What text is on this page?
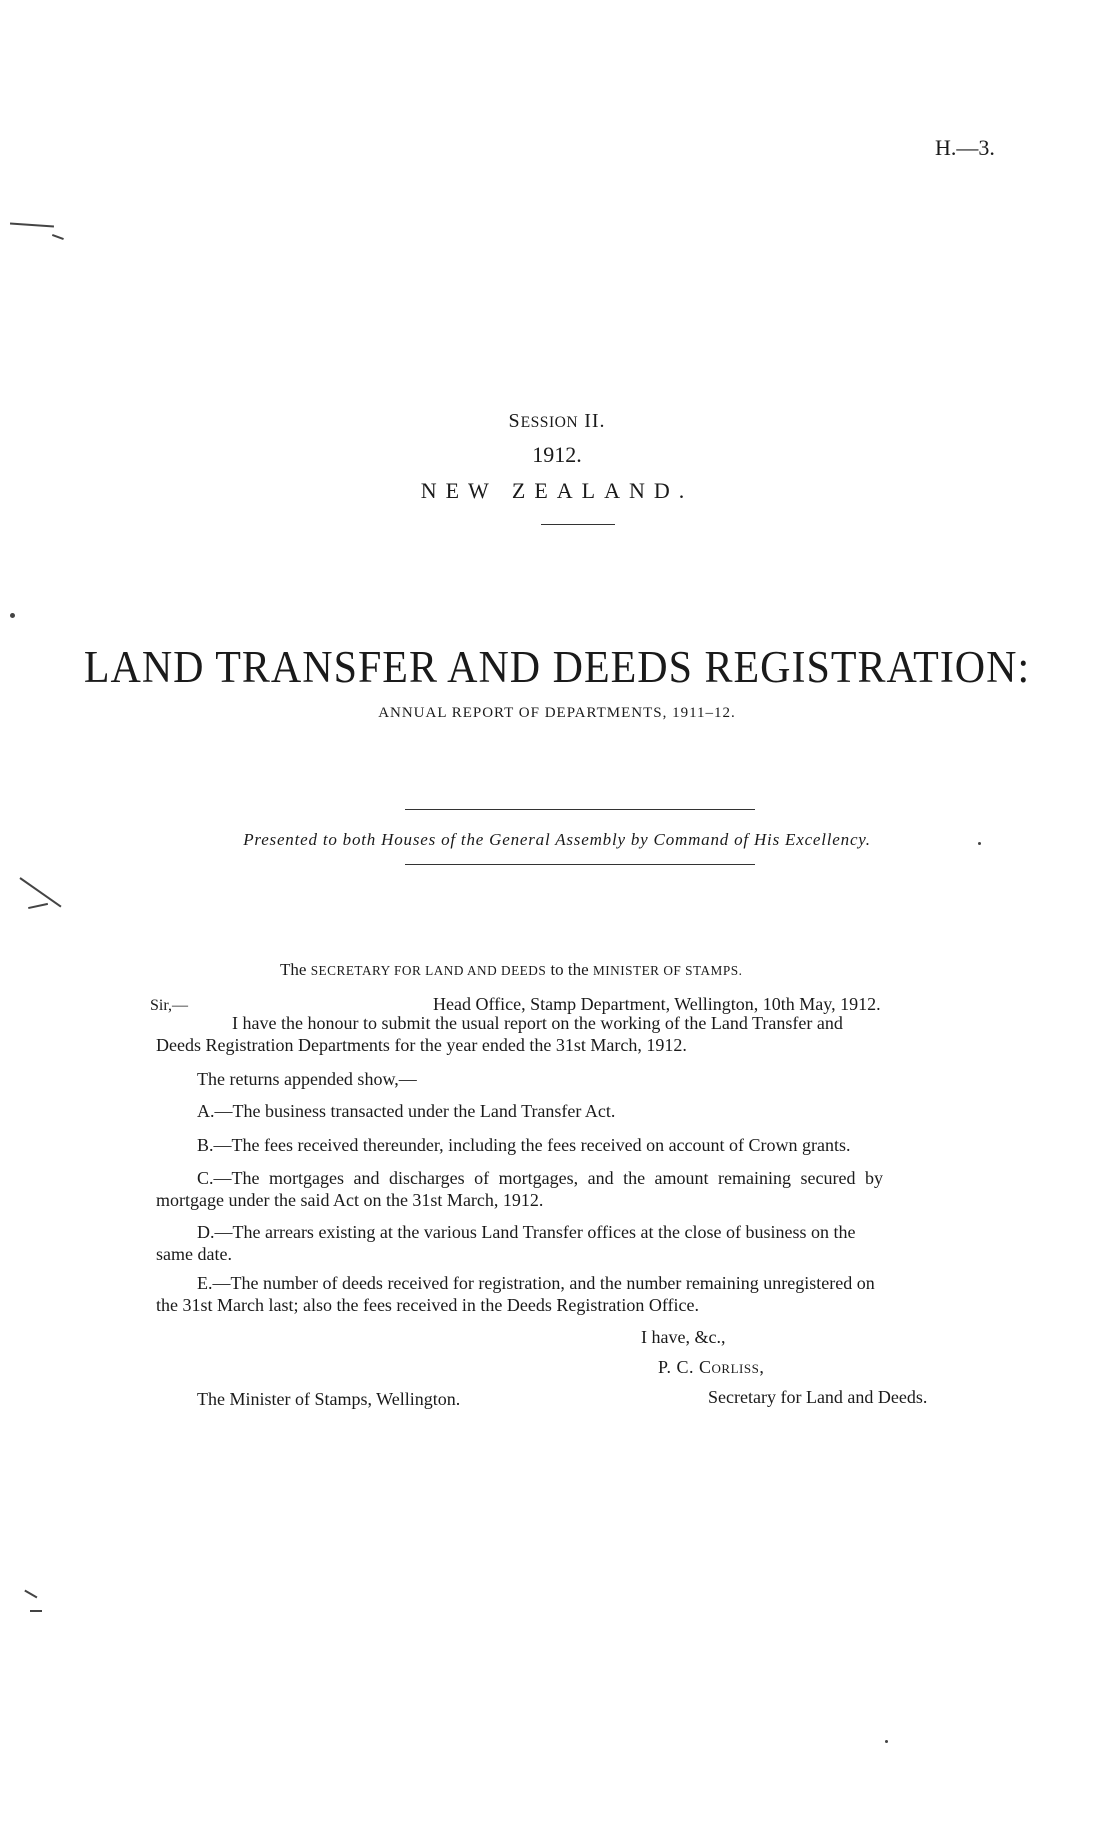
H.—3.
SESSION II.
1912.
NEW ZEALAND.
LAND TRANSFER AND DEEDS REGISTRATION:
ANNUAL REPORT OF DEPARTMENTS, 1911–12.
Presented to both Houses of the General Assembly by Command of His Excellency.
The SECRETARY FOR LAND AND DEEDS to the MINISTER OF STAMPS.
Sir,—	Head Office, Stamp Department, Wellington, 10th May, 1912.
I have the honour to submit the usual report on the working of the Land Transfer and
Deeds Registration Departments for the year ended the 31st March, 1912.
The returns appended show,—
A.—The business transacted under the Land Transfer Act.
B.—The fees received thereunder, including the fees received on account of Crown grants.
C.—The mortgages and discharges of mortgages, and the amount remaining secured by
mortgage under the said Act on the 31st March, 1912.
D.—The arrears existing at the various Land Transfer offices at the close of business on the
same date.
E.—The number of deeds received for registration, and the number remaining unregistered on
the 31st March last; also the fees received in the Deeds Registration Office.
I have, &c.,
P. C. Corliss,
Secretary for Land and Deeds.
The Minister of Stamps, Wellington.
